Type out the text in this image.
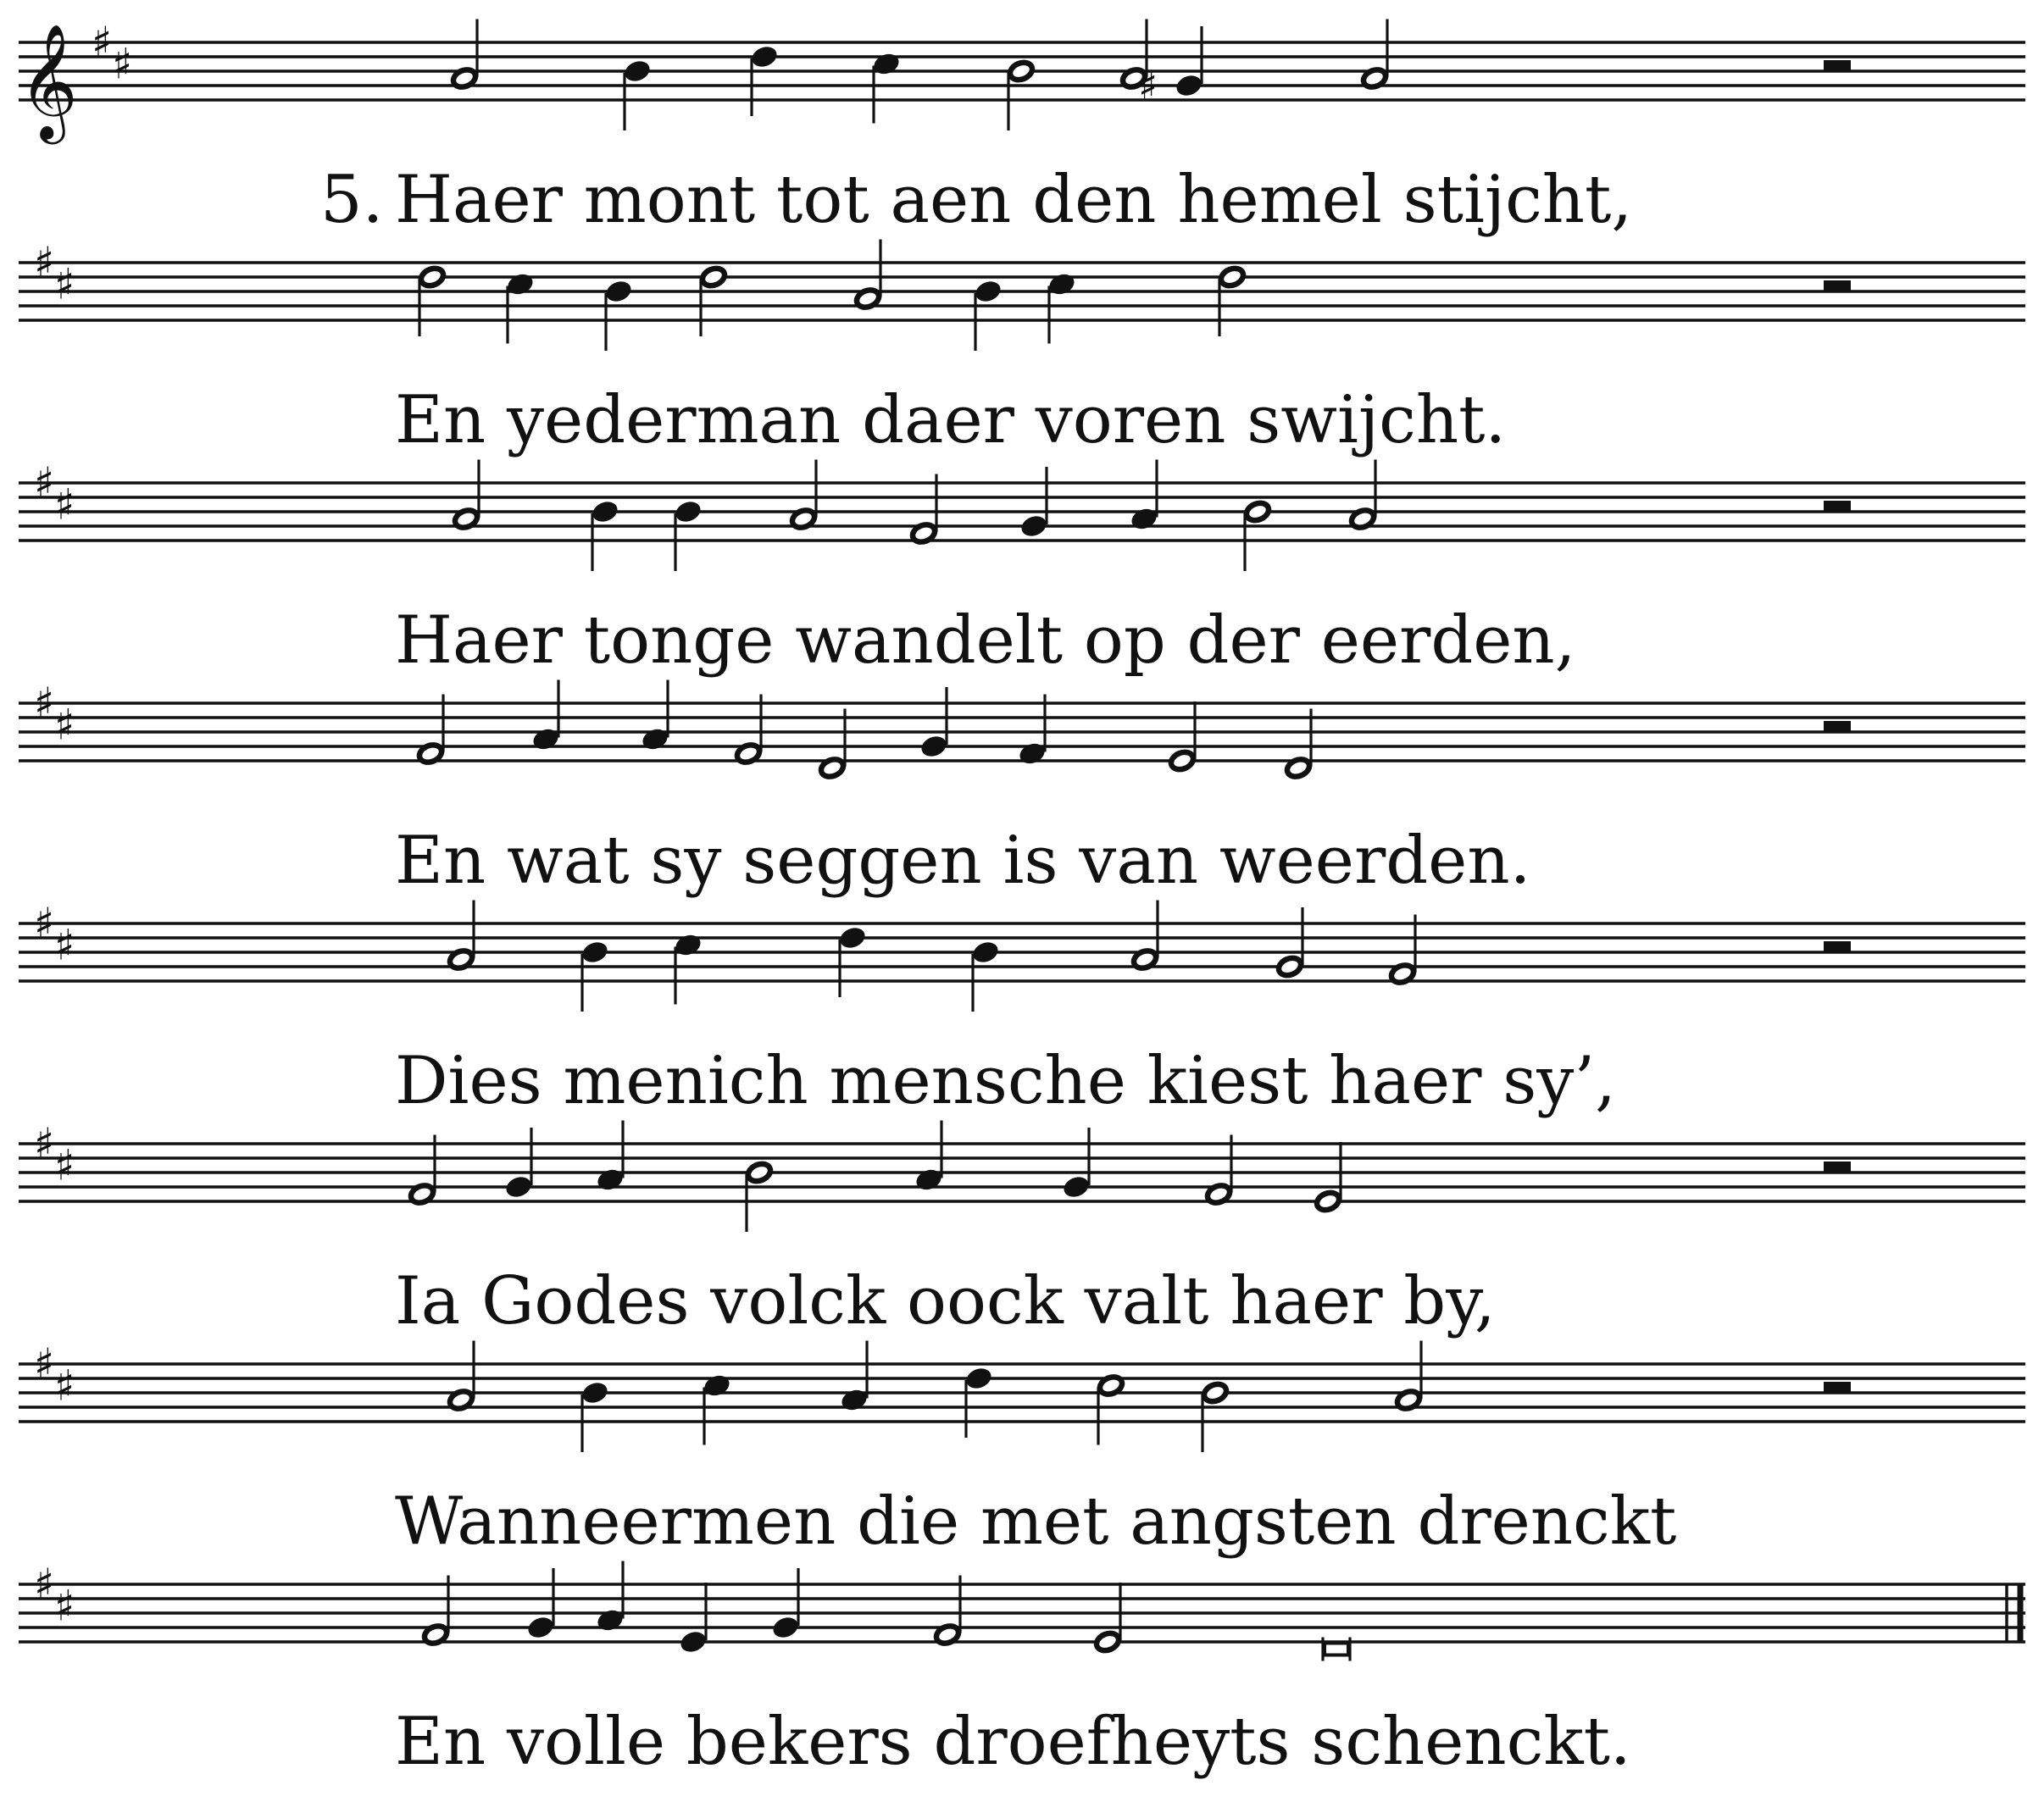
𝄞 ♯ ♯	♯
5. Haer mont tot aen den hemel stijcht,
♯ ♯
En yederman daer voren swijcht.
♯ ♯
Haer tonge wandelt op der eerden,
♯ ♯
En wat sy seggen is van weerden.
♯ ♯
Dies menich mensche kiest haer sy’,
♯ ♯
Ia Godes volck oock valt haer by,
♯ ♯
Wanneermen die met angsten drenckt
♯ ♯
En volle bekers droefheyts schenckt.
